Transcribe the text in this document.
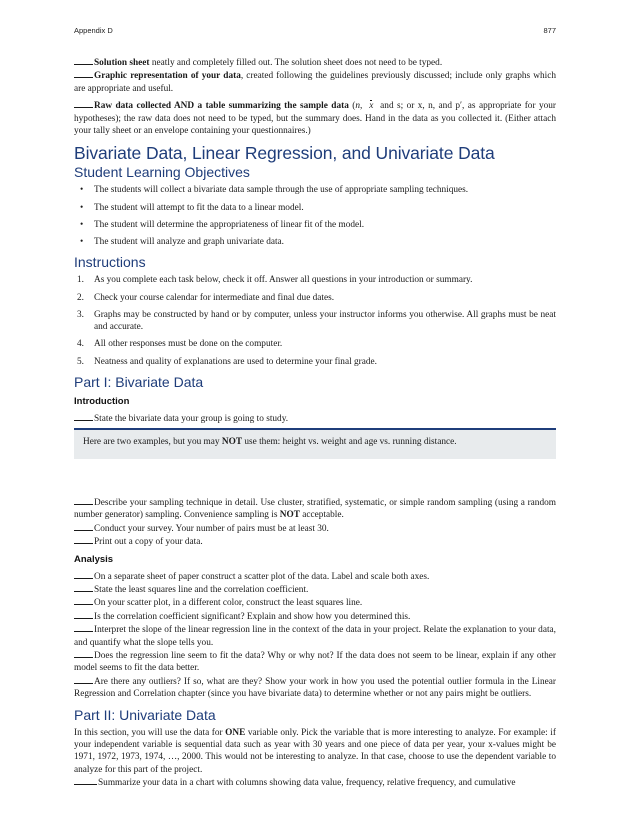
Appendix D	877

Solution sheet neatly and completely filled out. The solution sheet does not need to be typed.

Graphic representation of your data, created following the guidelines previously discussed; include only graphs which are appropriate and useful.

Raw data collected AND a table summarizing the sample data (n,  x  and s; or x, n, and p′, as appropriate for your hypotheses); the raw data does not need to be typed, but the summary does. Hand in the data as you collected it. (Either attach your tally sheet or an envelope containing your questionnaires.)

Bivariate Data, Linear Regression, and Univariate Data
Student Learning Objectives
• The students will collect a bivariate data sample through the use of appropriate sampling techniques.
• The student will attempt to fit the data to a linear model.
• The student will determine the appropriateness of linear fit of the model.
• The student will analyze and graph univariate data.
Instructions
1. As you complete each task below, check it off. Answer all questions in your introduction or summary.
2. Check your course calendar for intermediate and final due dates.
3. Graphs may be constructed by hand or by computer, unless your instructor informs you otherwise. All graphs must be neat and accurate.
4. All other responses must be done on the computer.
5. Neatness and quality of explanations are used to determine your final grade.
Part I: Bivariate Data
Introduction

State the bivariate data your group is going to study.

Here are two examples, but you may NOT use them: height vs. weight and age vs. running distance.

Describe your sampling technique in detail. Use cluster, stratified, systematic, or simple random sampling (using a random number generator) sampling. Convenience sampling is NOT acceptable.

Conduct your survey. Your number of pairs must be at least 30.

Print out a copy of your data.

Analysis

On a separate sheet of paper construct a scatter plot of the data. Label and scale both axes.

State the least squares line and the correlation coefficient.

On your scatter plot, in a different color, construct the least squares line.

Is the correlation coefficient significant? Explain and show how you determined this.

Interpret the slope of the linear regression line in the context of the data in your project. Relate the explanation to your data, and quantify what the slope tells you.

Does the regression line seem to fit the data? Why or why not? If the data does not seem to be linear, explain if any other model seems to fit the data better.

Are there any outliers? If so, what are they? Show your work in how you used the potential outlier formula in the Linear Regression and Correlation chapter (since you have bivariate data) to determine whether or not any pairs might be outliers.

Part II: Univariate Data

In this section, you will use the data for ONE variable only. Pick the variable that is more interesting to analyze. For example: if your independent variable is sequential data such as year with 30 years and one piece of data per year, your x-values might be 1971, 1972, 1973, 1974, …, 2000. This would not be interesting to analyze. In that case, choose to use the dependent variable to analyze for this part of the project.

Summarize your data in a chart with columns showing data value, frequency, relative frequency, and cumulative
